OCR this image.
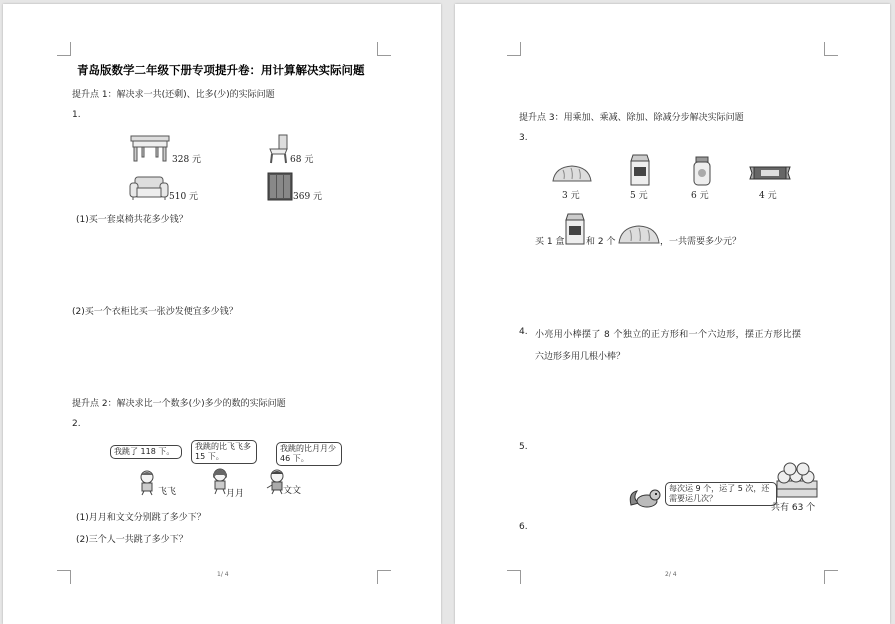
青岛版数学二年级下册专项提升卷：用计算解决实际问题
提升点 1：解决求一共(还剩)、比多(少)的实际问题
1.
328 元	68 元
510 元	369 元
(1)买一套桌椅共花多少钱？
(2)买一个衣柜比买一张沙发便宜多少钱？
提升点 2：解决求比一个数多(少)多少的数的实际问题
2.
我跳了 118 下。
我跳的比飞飞多 15 下。
我跳的比月月少 46 下。
飞飞	月月	文文
(1)月月和文文分别跳了多少下？
(2)三个人一共跳了多少下？
1/ 4
提升点 3：用乘加、乘减、除加、除减分步解决实际问题
3.
3 元	5 元	6 元	4 元
买 1 盒 和 2 个	，一共需要多少元？
4. 小亮用小棒摆了 8 个独立的正方形和一个六边形，摆正方形比摆
六边形多用几根小棒？
5.
每次运 9 个，运了 5 次，还需要运几次？
共有 63 个
6.
2/ 4
